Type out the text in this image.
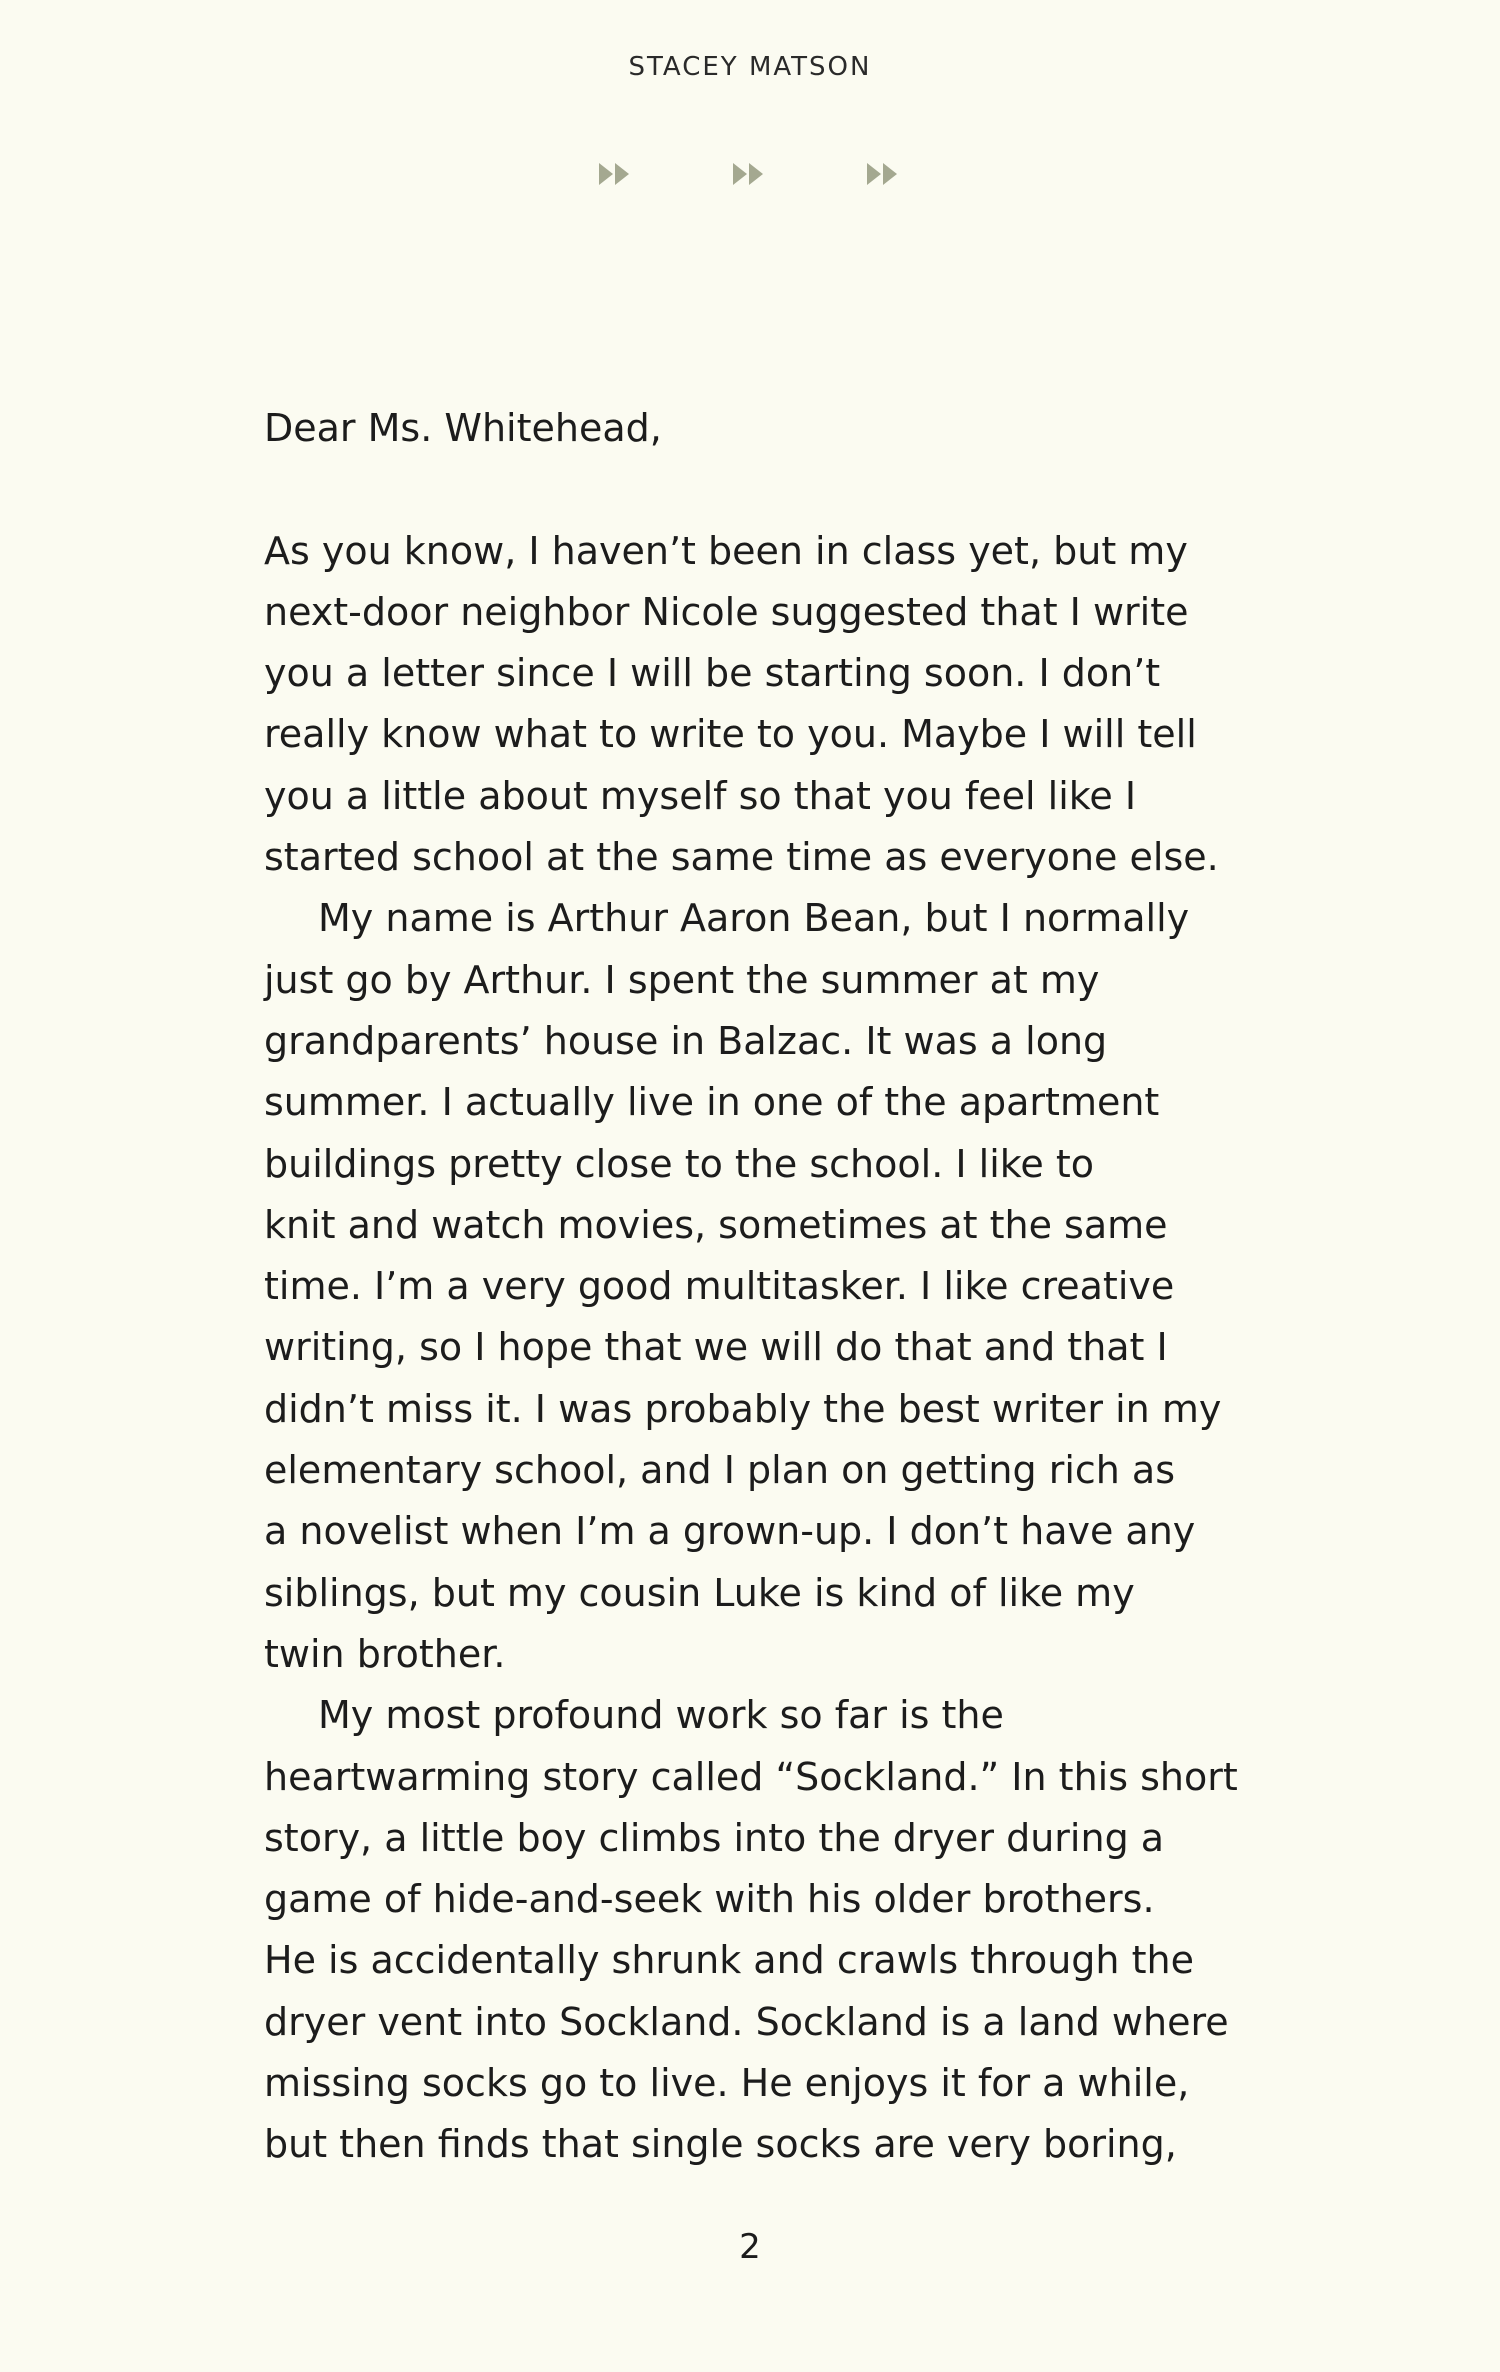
STACEY MATSON
Dear Ms. Whitehead,
As you know, I haven’t been in class yet, but my
next-door neighbor Nicole suggested that I write
you a letter since I will be starting soon. I don’t
really know what to write to you. Maybe I will tell
you a little about myself so that you feel like I
started school at the same time as everyone else.
My name is Arthur Aaron Bean, but I normally
just go by Arthur. I spent the summer at my
grandparents’ house in Balzac. It was a long
summer. I actually live in one of the apartment
buildings pretty close to the school. I like to
knit and watch movies, sometimes at the same
time. I’m a very good multitasker. I like creative
writing, so I hope that we will do that and that I
didn’t miss it. I was probably the best writer in my
elementary school, and I plan on getting rich as
a novelist when I’m a grown-up. I don’t have any
siblings, but my cousin Luke is kind of like my
twin brother.
My most profound work so far is the
heartwarming story called “Sockland.” In this short
story, a little boy climbs into the dryer during a
game of hide-and-seek with his older brothers.
He is accidentally shrunk and crawls through the
dryer vent into Sockland. Sockland is a land where
missing socks go to live. He enjoys it for a while,
but then finds that single socks are very boring,
2
